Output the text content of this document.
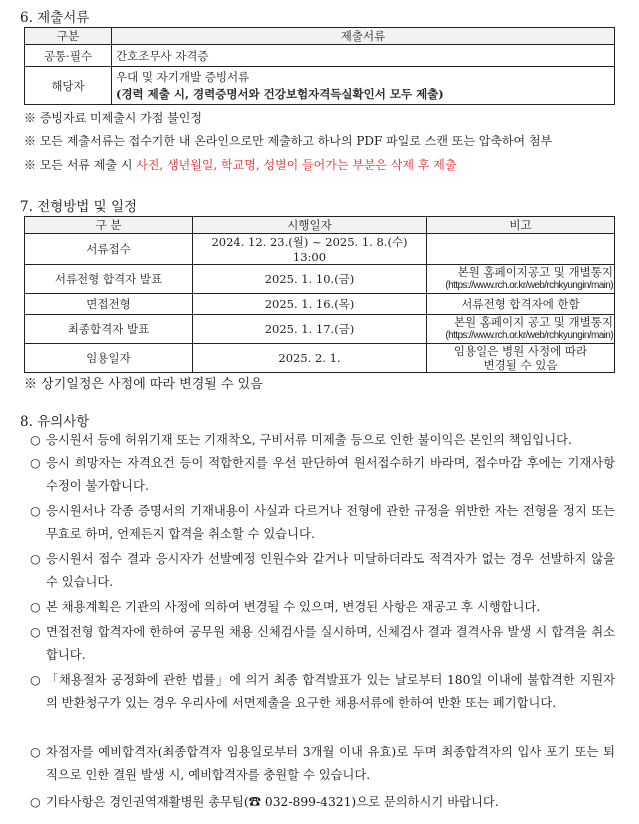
6. 제출서류
구분	제출서류
공통·필수	간호조무사 자격증
해당자	우대 및 자기개발 증빙서류
(경력 제출 시, 경력증명서와 건강보험자격득실확인서 모두 제출)
※ 증빙자료 미제출시 가점 불인정
※ 모든 제출서류는 접수기한 내 온라인으로만 제출하고 하나의 PDF 파일로 스캔 또는 압축하여 첨부
※ 모든 서류 제출 시 사진, 생년월일, 학교명, 성별이 들어가는 부분은 삭제 후 제출
7. 전형방법 및 일정
구 분	시행일자	비고
서류접수	2024. 12. 23.(월) ~ 2025. 1. 8.(수) 13:00	
서류전형 합격자 발표	2025. 1. 10.(금)	본원 홈페이지공고 및 개별통지
(https://www.rch.or.kr/web/rchkyungin/main)

면접전형	2025. 1. 16.(목)	서류전형 합격자에 한함
최종합격자 발표	2025. 1. 17.(금)	본원 홈페이지 공고 및 개별통지
(https://www.rch.or.kr/web/rchkyungin/main)

임용일자	2025. 2. 1.	임용일은 병원 사정에 따라
변경될 수 있음
※ 상기일정은 사정에 따라 변경될 수 있음
8. 유의사항
○ 응시원서 등에 허위기재 또는 기재착오, 구비서류 미제출 등으로 인한 불이익은 본인의 책임입니다.
○ 응시 희망자는 자격요건 등이 적합한지를 우선 판단하여 원서접수하기 바라며, 접수마감 후에는 기재사항 수정이 불가합니다.
○ 응시원서나 각종 증명서의 기재내용이 사실과 다르거나 전형에 관한 규정을 위반한 자는 전형을 정지 또는 무효로 하며, 언제든지 합격을 취소할 수 있습니다.
○ 응시원서 접수 결과 응시자가 선발예정 인원수와 같거나 미달하더라도 적격자가 없는 경우 선발하지 않을 수 있습니다.
○ 본 채용계획은 기관의 사정에 의하여 변경될 수 있으며, 변경된 사항은 재공고 후 시행합니다.
○ 면접전형 합격자에 한하여 공무원 채용 신체검사를 실시하며, 신체검사 결과 결격사유 발생 시 합격을 취소합니다.
○ 「채용절차 공정화에 관한 법률」에 의거 최종 합격발표가 있는 날로부터 180일 이내에 불합격한 지원자의 반환청구가 있는 경우 우리사에 서면제출을 요구한 채용서류에 한하여 반환 또는 폐기합니다.
○ 차점자를 예비합격자(최종합격자 임용일로부터 3개월 이내 유효)로 두며 최종합격자의 입사 포기 또는 퇴직으로 인한 결원 발생 시, 예비합격자를 충원할 수 있습니다.
○ 기타사항은 경인권역재활병원 총무팀(☎ 032-899-4321)으로 문의하시기 바랍니다.
